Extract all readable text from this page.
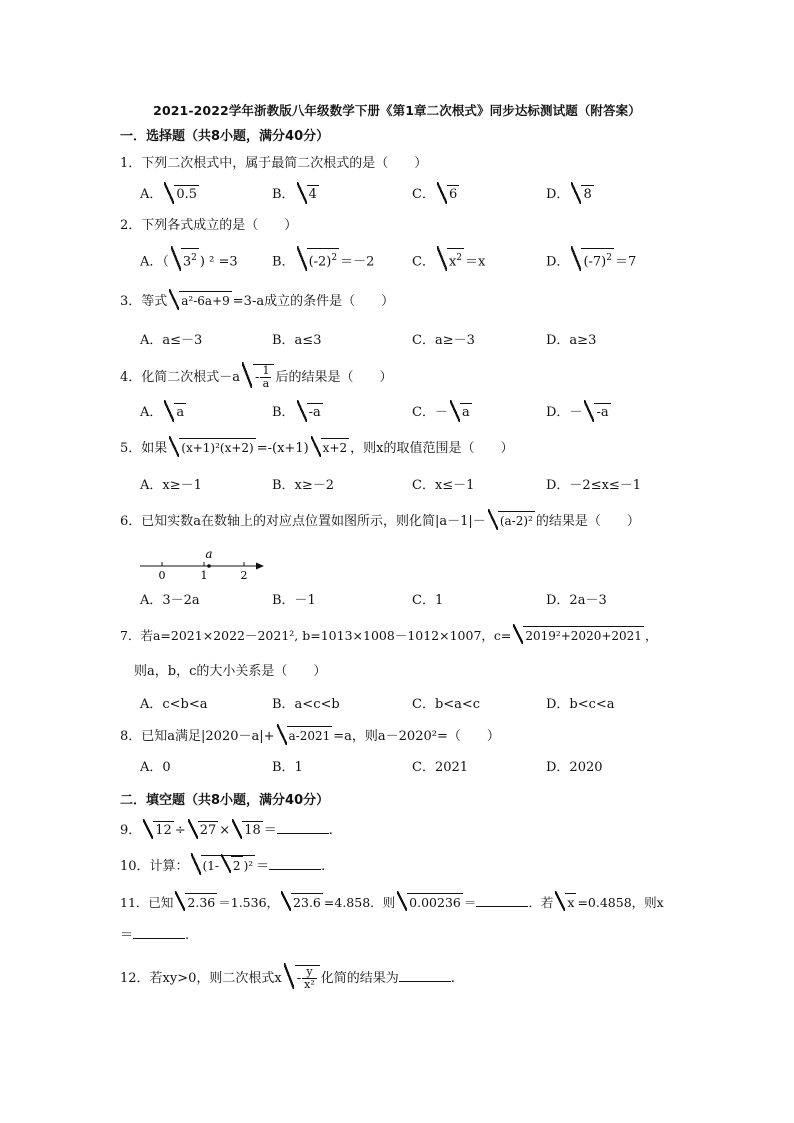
2021-2022学年浙教版八年级数学下册《第1章二次根式》同步达标测试题（附答案）
一．选择题（共8小题，满分40分）
1．下列二次根式中，属于最简二次根式的是（　　）
A． 0.5	B． 4	C． 6	D． 8
2．下列各式成立的是（　　）
A．（ $3^2$ ) ² =3	B． $(-2)^2 =-2$	C． $x^2 =x$	D． $(-7)^2 =7$
3．等式 a²-6a+9 =3-a成立的条件是（　　）
A．a≤－3	B．a≤3	C．a≥－3	D．a≥3
4．化简二次根式$-a - \frac{1}{a}$ 后的结果是（　　）
A． a	B． -a	C．－ a	D．－ -a
5．如果 (x+1)²(x+2) =-(x+1) x+2 ，则x的取值范围是（　　）
A．x≥－1	B．x≥－2	C．x≤－1	D．－2≤x≤－1
6．已知实数a在数轴上的对应点位置如图所示，则化简|a－1|－ (a-2)² 的结果是（　　）
a
0	1	2
A．3－2a	B．－1	C．1	D．2a－3
7．若a=2021×2022－2021², b=1013×1008－1012×1007，c= 2019²+2020+2021 ，
则a，b，c的大小关系是（　　）
A．c<b<a	B．a<c<b	C．b<a<c	D．b<c<a
8．已知a满足|2020－a|+ a-2021 =a，则a－2020²=（　　）
A．0	B．1	C．2021	D．2020
二．填空题（共8小题，满分40分）
9． 12 ÷ 27 × 18 ＝	.
10．计算： (1- 2 )² ＝	.
11．已知 2.36 ＝1.536， 23.6 =4.858．则 0.00236 ＝	．若 x =0.4858，则x
＝	.
12．若xy>0，则二次根式x - $\frac{y}{\text{x²}}$ 化简的结果为	.
